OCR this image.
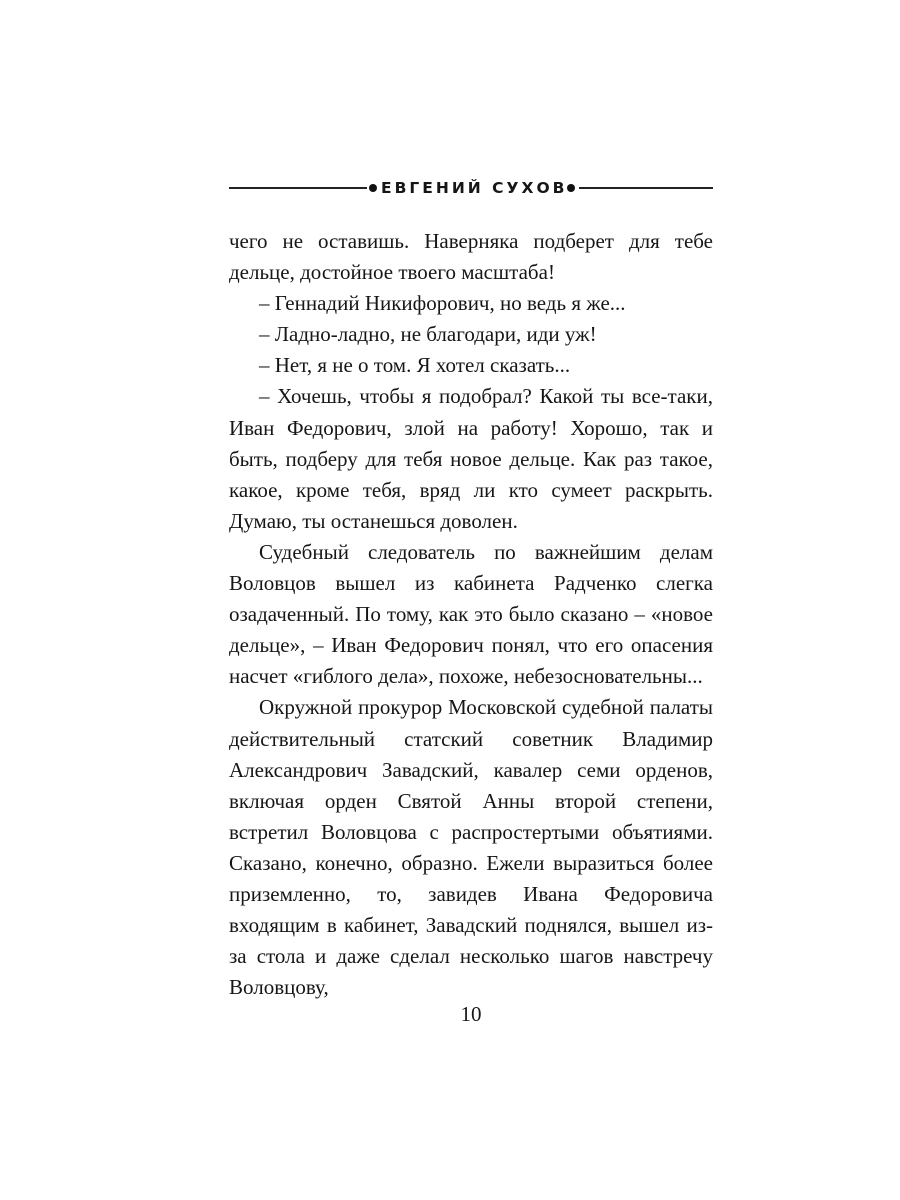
ЕВГЕНИЙ СУХОВ

чего не оставишь. Наверняка подберет для тебе дельце, достойное твоего масштаба!

– Геннадий Никифорович, но ведь я же...

– Ладно-ладно, не благодари, иди уж!

– Нет, я не о том. Я хотел сказать...

– Хочешь, чтобы я подобрал? Какой ты все-таки, Иван Федорович, злой на работу! Хорошо, так и быть, подберу для тебя новое дельце. Как раз такое, какое, кроме тебя, вряд ли кто сумеет раскрыть. Думаю, ты останешься доволен.

Судебный следователь по важнейшим делам Воловцов вышел из кабинета Радченко слегка озадаченный. По тому, как это было сказано – «новое дельце», – Иван Федорович понял, что его опасения насчет «гиблого дела», похоже, небезосновательны...

Окружной прокурор Московской судебной палаты действительный статский советник Владимир Александрович Завадский, кавалер семи орденов, включая орден Святой Анны второй степени, встретил Воловцова с распростертыми объятиями. Сказано, конечно, образно. Ежели выразиться более приземленно, то, завидев Ивана Федоровича входящим в кабинет, Завадский поднялся, вышел из-за стола и даже сделал несколько шагов навстречу Воловцову,

10
